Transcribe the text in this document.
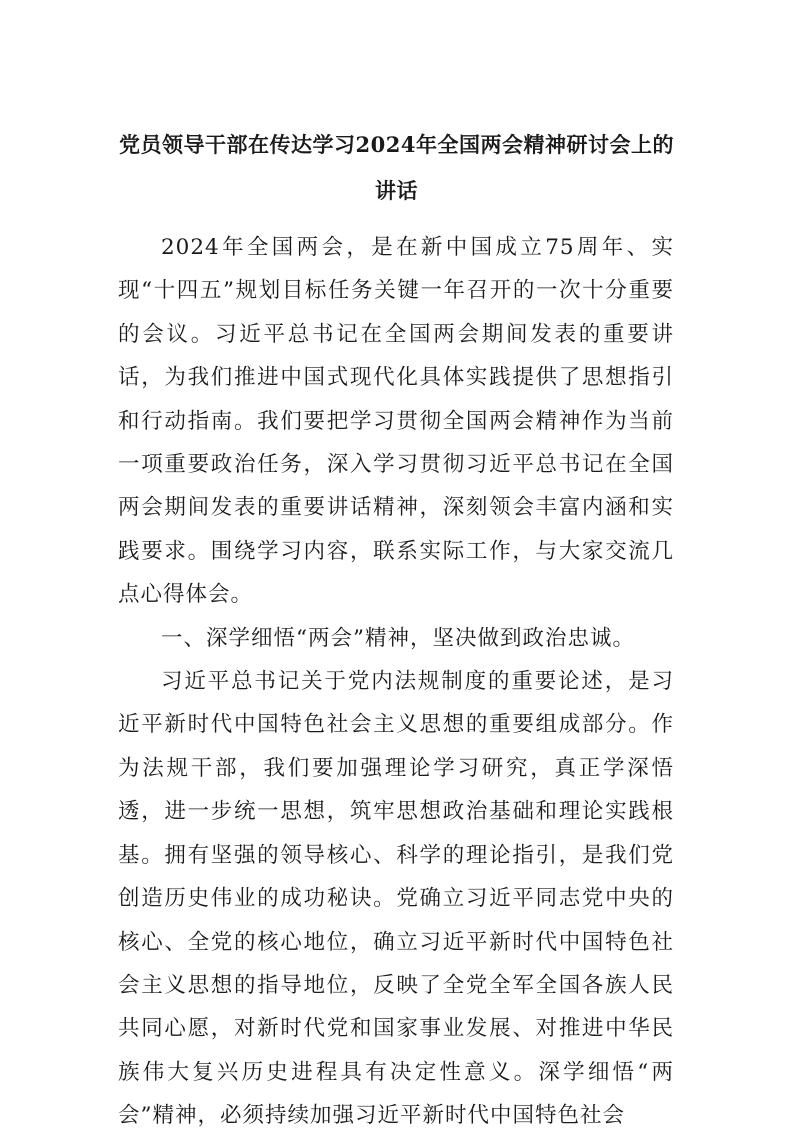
党员领导干部在传达学习2024年全国两会精神研讨会上的
讲话

2024年全国两会，是在新中国成立75周年、实现“十四五”规划目标任务关键一年召开的一次十分重要的会议。习近平总书记在全国两会期间发表的重要讲话，为我们推进中国式现代化具体实践提供了思想指引和行动指南。我们要把学习贯彻全国两会精神作为当前一项重要政治任务，深入学习贯彻习近平总书记在全国两会期间发表的重要讲话精神，深刻领会丰富内涵和实践要求。围绕学习内容，联系实际工作，与大家交流几点心得体会。

一、深学细悟“两会”精神，坚决做到政治忠诚。

习近平总书记关于党内法规制度的重要论述，是习近平新时代中国特色社会主义思想的重要组成部分。作为法规干部，我们要加强理论学习研究，真正学深悟透，进一步统一思想，筑牢思想政治基础和理论实践根基。拥有坚强的领导核心、科学的理论指引，是我们党创造历史伟业的成功秘诀。党确立习近平同志党中央的核心、全党的核心地位，确立习近平新时代中国特色社会主义思想的指导地位，反映了全党全军全国各族人民共同心愿，对新时代党和国家事业发展、对推进中华民族伟大复兴历史进程具有决定性意义。深学细悟“两会”精神，必须持续加强习近平新时代中国特色社会
